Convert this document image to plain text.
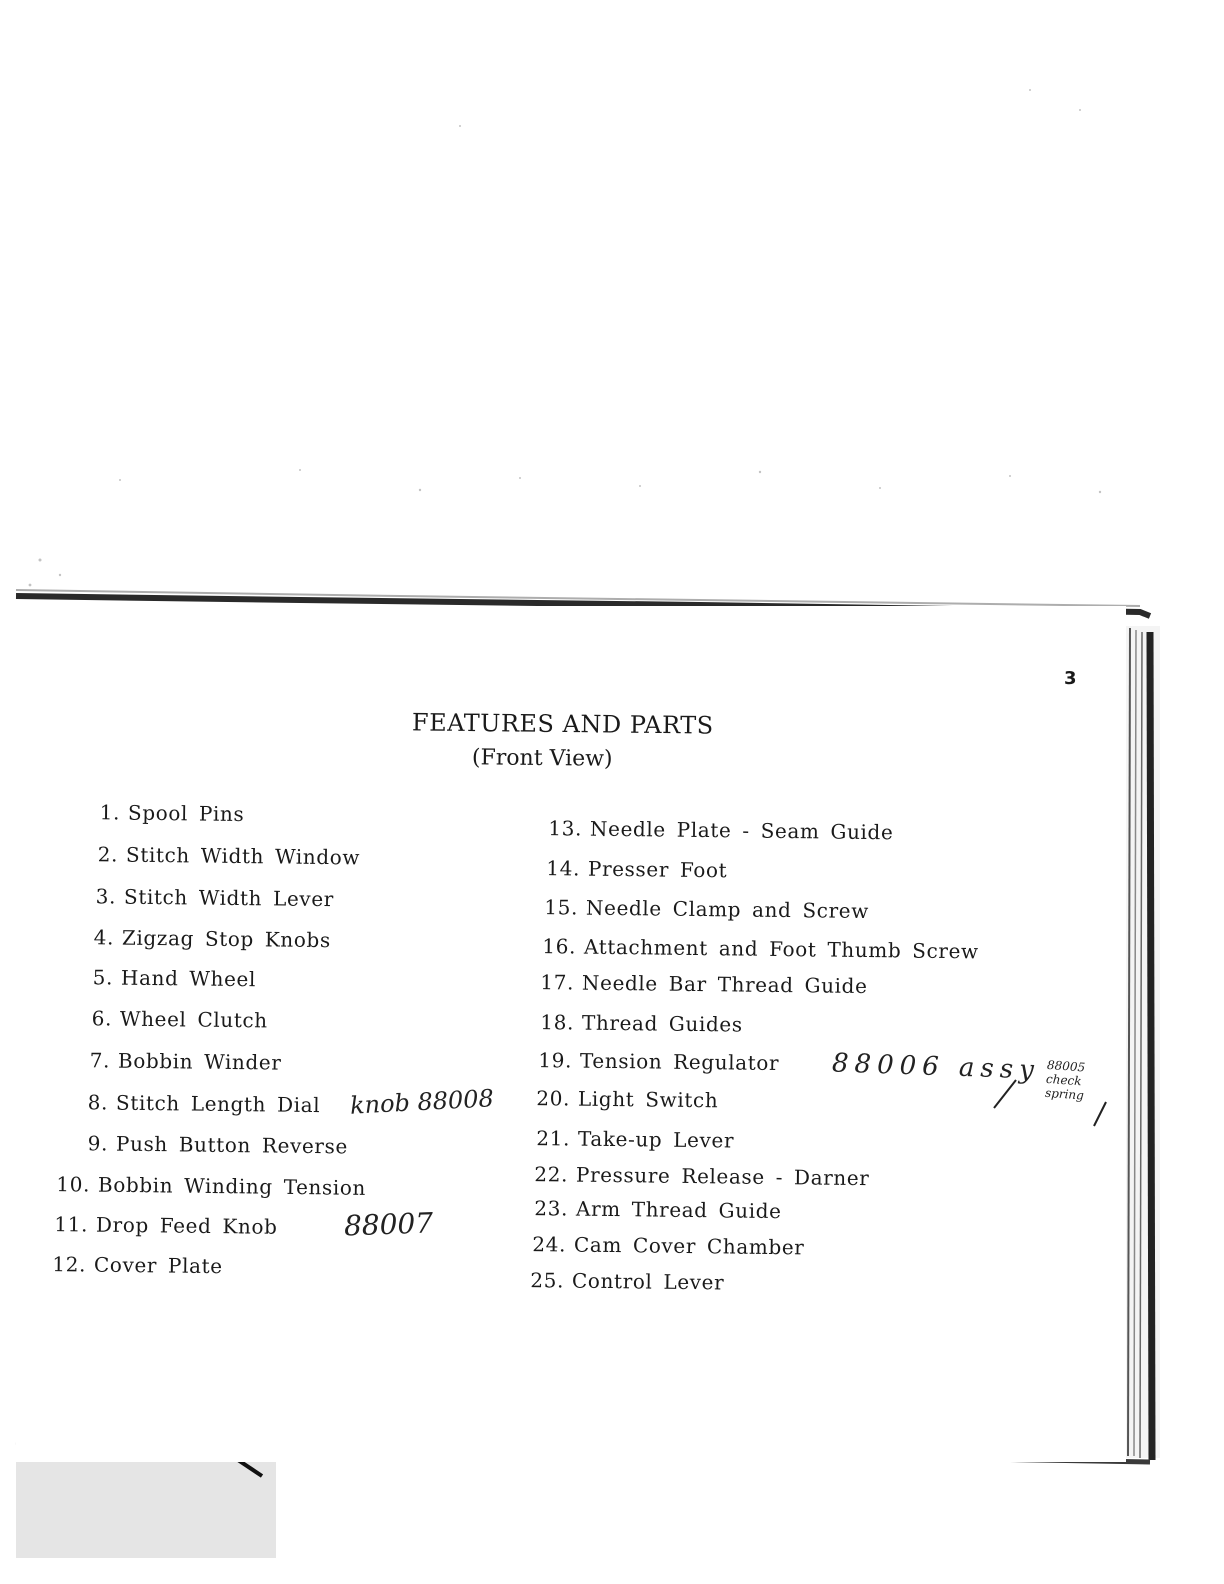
3
FEATURES AND PARTS
(Front View)
1. Spool Pins
2. Stitch Width Window
3. Stitch Width Lever
4. Zigzag Stop Knobs
5. Hand Wheel
6. Wheel Clutch
7. Bobbin Winder
8. Stitch Length Dial
9. Push Button Reverse
10. Bobbin Winding Tension
11. Drop Feed Knob
12. Cover Plate
13. Needle Plate - Seam Guide
14. Presser Foot
15. Needle Clamp and Screw
16. Attachment and Foot Thumb Screw
17. Needle Bar Thread Guide
18. Thread Guides
19. Tension Regulator
20. Light Switch
21. Take-up Lever
22. Pressure Release - Darner
23. Arm Thread Guide
24. Cam Cover Chamber
25. Control Lever
knob 88008
88007
88006 assy 88005 check spring
